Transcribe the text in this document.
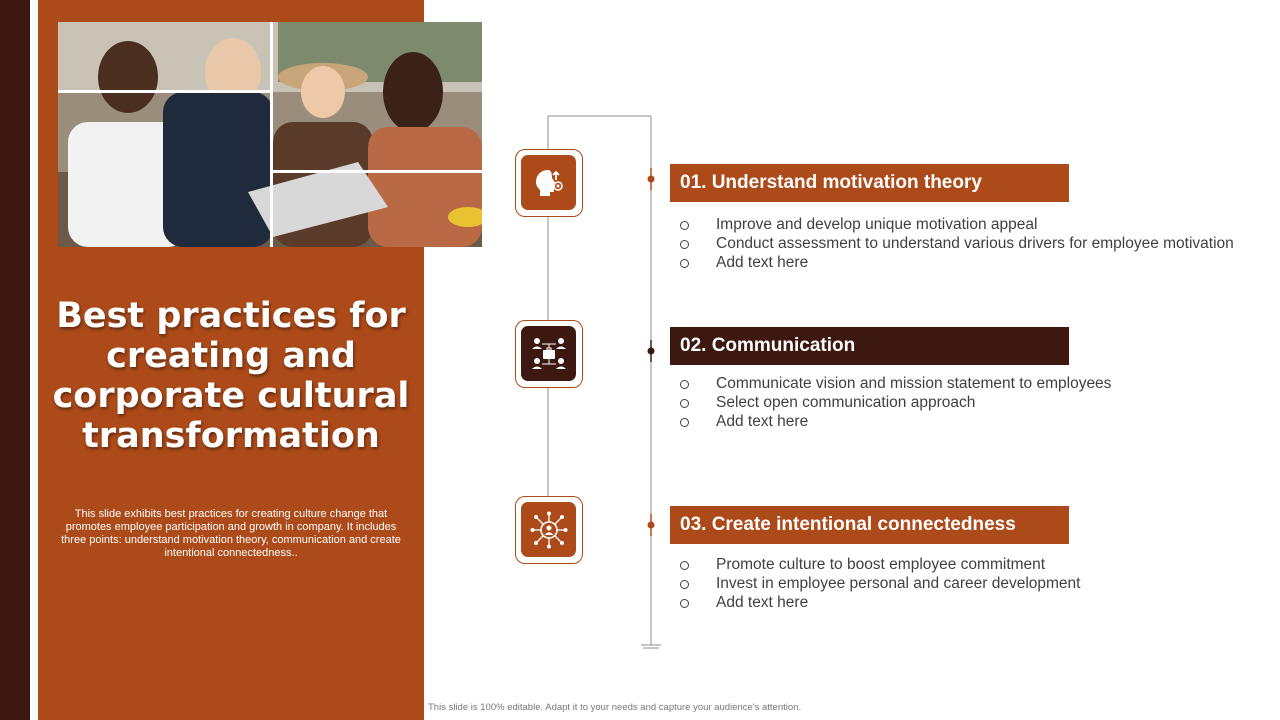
Best practices for creating and corporate cultural transformation

This slide exhibits best practices for creating culture change that promotes employee participation and growth in company. It includes three points: understand motivation theory, communication and create intentional connectedness..

01. Understand motivation theory
Improve and develop unique motivation appeal
Conduct assessment to understand various drivers for employee motivation
Add text here
02. Communication
Communicate vision and mission statement to employees
Select open communication approach
Add text here
03. Create intentional connectedness
Promote culture to boost employee commitment
Invest in employee personal and career development
Add text here
This slide is 100% editable. Adapt it to your needs and capture your audience's attention.
